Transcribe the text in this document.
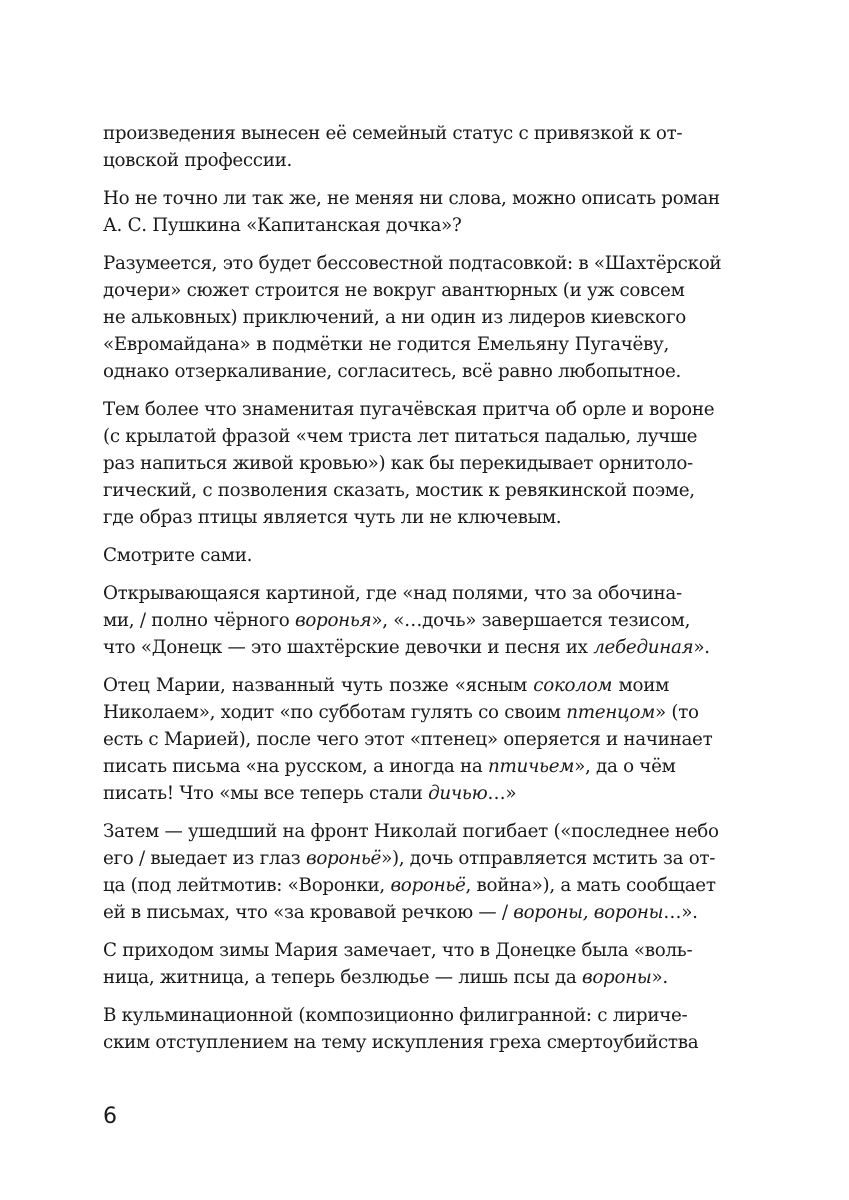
произведения вынесен её семейный статус с привязкой к от-
цовской профессии.
Но не точно ли так же, не меняя ни слова, можно описать роман
А. С. Пушкина «Капитанская дочка»?
Разумеется, это будет бессовестной подтасовкой: в «Шахтёрской
дочери» сюжет строится не вокруг авантюрных (и уж совсем
не альковных) приключений, а ни один из лидеров киевского
«Евромайдана» в подмётки не годится Емельяну Пугачёву,
однако отзеркаливание, согласитесь, всё равно любопытное.
Тем более что знаменитая пугачёвская притча об орле и вороне
(с крылатой фразой «чем триста лет питаться падалью, лучше
раз напиться живой кровью») как бы перекидывает орнитоло-
гический, с позволения сказать, мостик к ревякинской поэме,
где образ птицы является чуть ли не ключевым.
Смотрите сами.
Открывающаяся картиной, где «над полями, что за обочина-
ми, / полно чёрного воронья», «…дочь» завершается тезисом,
что «Донецк — это шахтёрские девочки и песня их лебединая».
Отец Марии, названный чуть позже «ясным соколом моим
Николаем», ходит «по субботам гулять со своим птенцом» (то
есть с Марией), после чего этот «птенец» оперяется и начинает
писать письма «на русском, а иногда на птичьем», да о чём
писать! Что «мы все теперь стали дичью…»
Затем — ушедший на фронт Николай погибает («последнее небо
его / выедает из глаз вороньё»), дочь отправляется мстить за от-
ца (под лейтмотив: «Воронки, вороньё, война»), а мать сообщает
ей в письмах, что «за кровавой речкою — / вороны, вороны…».
С приходом зимы Мария замечает, что в Донецке была «воль-
ница, житница, а теперь безлюдье — лишь псы да вороны».
В кульминационной (композиционно филигранной: с лириче-
ским отступлением на тему искупления греха смертоубийства
6
